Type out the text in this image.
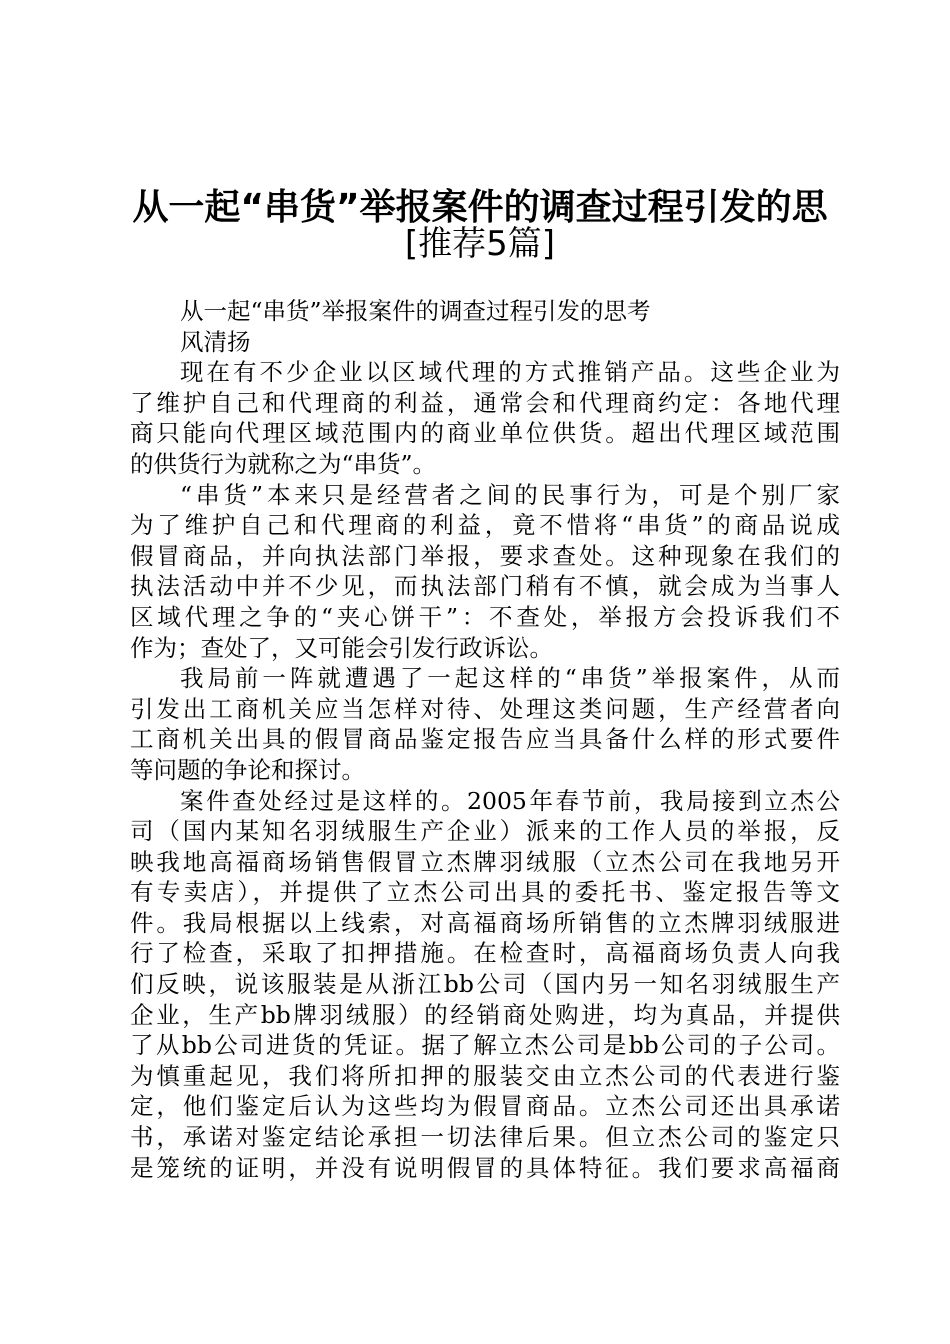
从一起“串货”举报案件的调查过程引发的思
[推荐5篇]
从一起“串货”举报案件的调查过程引发的思考
风清扬
现在有不少企业以区域代理的方式推销产品。这些企业为
了维护自己和代理商的利益，通常会和代理商约定：各地代理
商只能向代理区域范围内的商业单位供货。超出代理区域范围
的供货行为就称之为“串货”。
“串货”本来只是经营者之间的民事行为，可是个别厂家
为了维护自己和代理商的利益，竟不惜将“串货”的商品说成
假冒商品，并向执法部门举报，要求查处。这种现象在我们的
执法活动中并不少见，而执法部门稍有不慎，就会成为当事人
区域代理之争的“夹心饼干”：不查处，举报方会投诉我们不
作为；查处了，又可能会引发行政诉讼。
我局前一阵就遭遇了一起这样的“串货”举报案件，从而
引发出工商机关应当怎样对待、处理这类问题，生产经营者向
工商机关出具的假冒商品鉴定报告应当具备什么样的形式要件
等问题的争论和探讨。
案件查处经过是这样的。2005年春节前，我局接到立杰公
司（国内某知名羽绒服生产企业）派来的工作人员的举报，反
映我地高福商场销售假冒立杰牌羽绒服（立杰公司在我地另开
有专卖店），并提供了立杰公司出具的委托书、鉴定报告等文
件。我局根据以上线索，对高福商场所销售的立杰牌羽绒服进
行了检查，采取了扣押措施。在检查时，高福商场负责人向我
们反映，说该服装是从浙江bb公司（国内另一知名羽绒服生产
企业，生产bb牌羽绒服）的经销商处购进，均为真品，并提供
了从bb公司进货的凭证。据了解立杰公司是bb公司的子公司。
为慎重起见，我们将所扣押的服装交由立杰公司的代表进行鉴
定，他们鉴定后认为这些均为假冒商品。立杰公司还出具承诺
书，承诺对鉴定结论承担一切法律后果。但立杰公司的鉴定只
是笼统的证明，并没有说明假冒的具体特征。我们要求高福商
